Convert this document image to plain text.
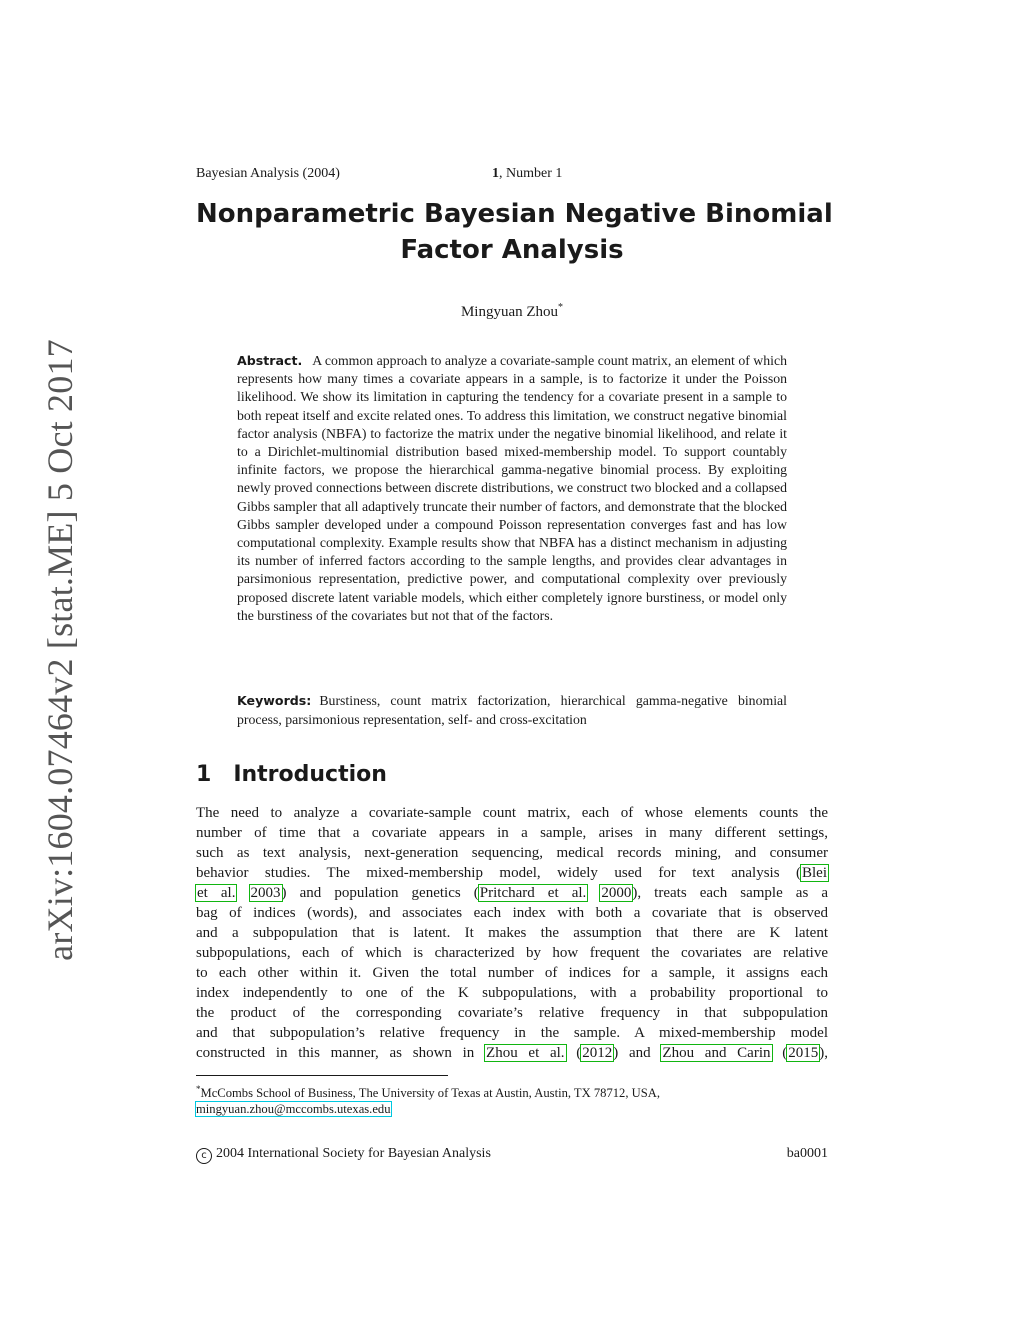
arXiv:1604.07464v2 [stat.ME] 5 Oct 2017
Bayesian Analysis (2004)	1, Number 1
Nonparametric Bayesian Negative Binomial
Factor Analysis
Mingyuan Zhou*
Abstract. A common approach to analyze a covariate-sample count matrix, an element of which represents how many times a covariate appears in a sample, is to factorize it under the Poisson likelihood. We show its limitation in capturing the tendency for a covariate present in a sample to both repeat itself and excite related ones. To address this limitation, we construct negative binomial factor analysis (NBFA) to factorize the matrix under the negative binomial likelihood, and relate it to a Dirichlet-multinomial distribution based mixed-membership model. To support countably infinite factors, we propose the hierarchical gamma-negative binomial process. By exploiting newly proved connections between discrete distributions, we construct two blocked and a collapsed Gibbs sampler that all adaptively truncate their number of factors, and demonstrate that the blocked Gibbs sampler developed under a compound Poisson representation converges fast and has low computational complexity. Example results show that NBFA has a distinct mechanism in adjusting its number of inferred factors according to the sample lengths, and provides clear advantages in parsimonious representation, predictive power, and computational complexity over previously proposed discrete latent variable models, which either completely ignore burstiness, or model only the burstiness of the covariates but not that of the factors.
Keywords: Burstiness, count matrix factorization, hierarchical gamma-negative binomial process, parsimonious representation, self- and cross-excitation
1 Introduction
The need to analyze a covariate-sample count matrix, each of whose elements counts the
number of time that a covariate appears in a sample, arises in many different settings,
such as text analysis, next-generation sequencing, medical records mining, and consumer
behavior studies. The mixed-membership model, widely used for text analysis (Blei
et al. 2003) and population genetics (Pritchard et al. 2000), treats each sample as a
bag of indices (words), and associates each index with both a covariate that is observed
and a subpopulation that is latent. It makes the assumption that there are K latent
subpopulations, each of which is characterized by how frequent the covariates are relative
to each other within it. Given the total number of indices for a sample, it assigns each
index independently to one of the K subpopulations, with a probability proportional to
the product of the corresponding covariate’s relative frequency in that subpopulation
and that subpopulation’s relative frequency in the sample. A mixed-membership model
constructed in this manner, as shown in Zhou et al. (2012) and Zhou and Carin (2015),
*McCombs School of Business, The University of Texas at Austin, Austin, TX 78712, USA,
mingyuan.zhou@mccombs.utexas.edu
c 2004 International Society for Bayesian Analysis	ba0001
